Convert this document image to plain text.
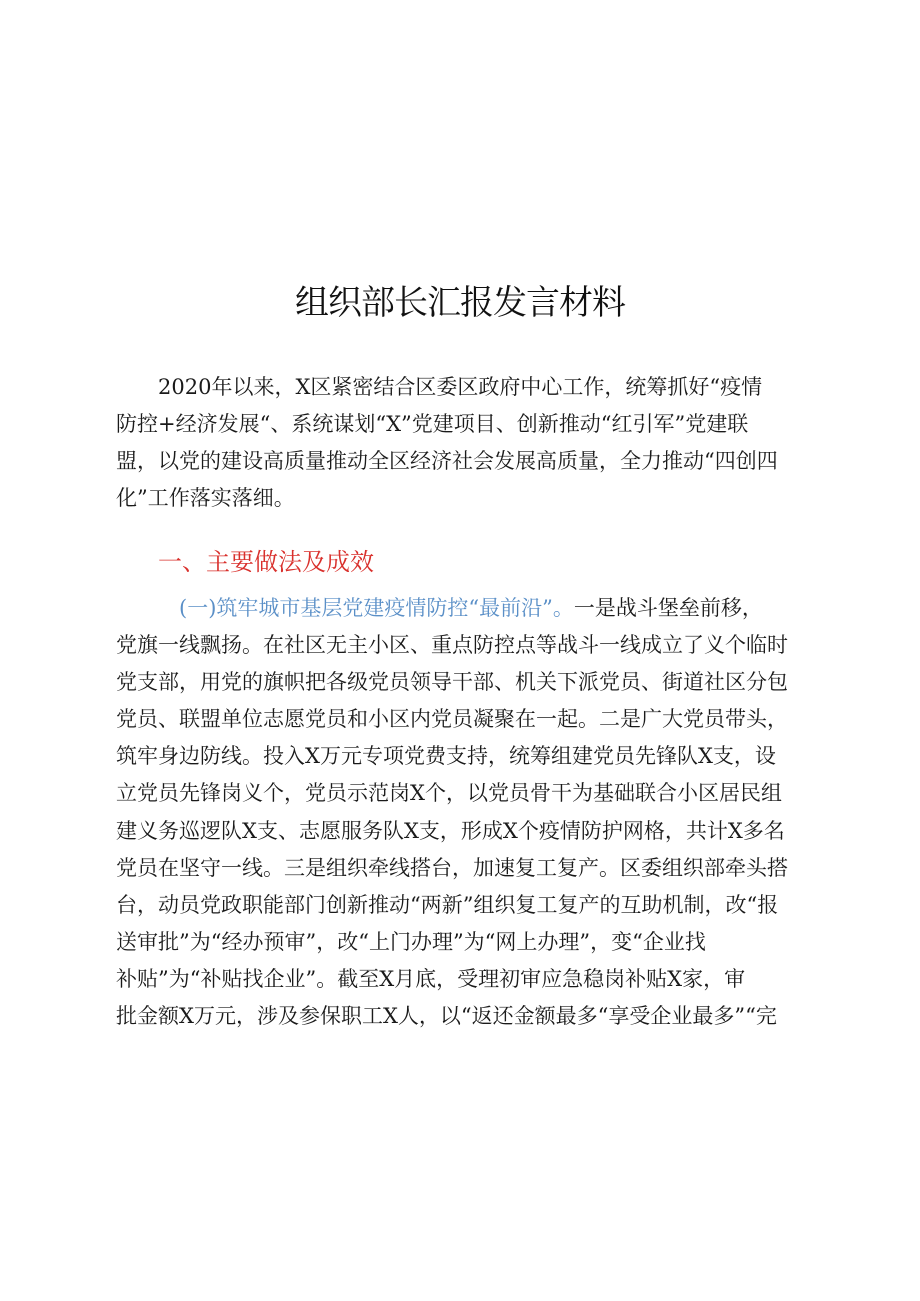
组织部长汇报发言材料
　　2020年以来，X区紧密结合区委区政府中心工作，统筹抓好“疫情
防控+经济发展“、系统谋划“X”党建项目、创新推动“红引军”党建联
盟，以党的建设高质量推动全区经济社会发展高质量，全力推动“四创四
化”工作落实落细。
一、主要做法及成效
(一)筑牢城市基层党建疫情防控“最前沿”。一是战斗堡垒前移，
党旗一线飘扬。在社区无主小区、重点防控点等战斗一线成立了义个临时
党支部，用党的旗帜把各级党员领导干部、机关下派党员、街道社区分包
党员、联盟单位志愿党员和小区内党员凝聚在一起。二是广大党员带头，
筑牢身边防线。投入X万元专项党费支持，统筹组建党员先锋队X支，设
立党员先锋岗义个，党员示范岗X个，以党员骨干为基础联合小区居民组
建义务巡逻队X支、志愿服务队X支，形成X个疫情防护网格，共计X多名
党员在坚守一线。三是组织牵线搭台，加速复工复产。区委组织部牵头搭
台，动员党政职能部门创新推动“两新”组织复工复产的互助机制，改“报
送审批”为“经办预审”，改“上门办理”为“网上办理”，变“企业找
补贴”为“补贴找企业”。截至X月底，受理初审应急稳岗补贴X家，审
批金额X万元，涉及参保职工X人，以“返还金额最多“享受企业最多”“完
